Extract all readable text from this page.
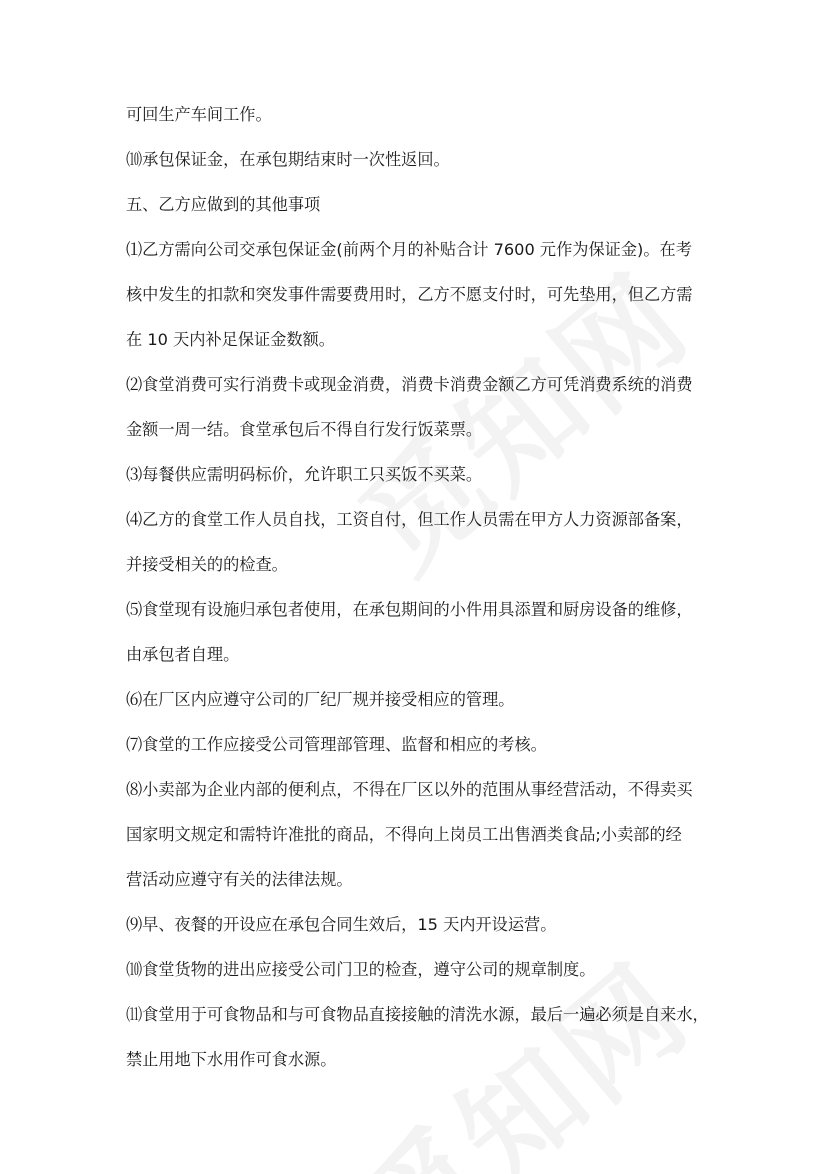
可回生产车间工作。

⑽承包保证金，在承包期结束时一次性返回。

五、乙方应做到的其他事项

⑴乙方需向公司交承包保证金(前两个月的补贴合计 7600 元作为保证金)。在考
核中发生的扣款和突发事件需要费用时，乙方不愿支付时，可先垫用，但乙方需
在 10 天内补足保证金数额。

⑵食堂消费可实行消费卡或现金消费，消费卡消费金额乙方可凭消费系统的消费
金额一周一结。食堂承包后不得自行发行饭菜票。

⑶每餐供应需明码标价，允许职工只买饭不买菜。

⑷乙方的食堂工作人员自找，工资自付，但工作人员需在甲方人力资源部备案，
并接受相关的的检查。

⑸食堂现有设施归承包者使用，在承包期间的小件用具添置和厨房设备的维修，
由承包者自理。

⑹在厂区内应遵守公司的厂纪厂规并接受相应的管理。

⑺食堂的工作应接受公司管理部管理、监督和相应的考核。

⑻小卖部为企业内部的便利点，不得在厂区以外的范围从事经营活动，不得卖买
国家明文规定和需特许准批的商品，不得向上岗员工出售酒类食品;小卖部的经
营活动应遵守有关的法律法规。

⑼早、夜餐的开设应在承包合同生效后，15 天内开设运营。

⑽食堂货物的进出应接受公司门卫的检查，遵守公司的规章制度。

⑾食堂用于可食物品和与可食物品直接接触的清洗水源，最后一遍必须是自来水，
禁止用地下水用作可食水源。
